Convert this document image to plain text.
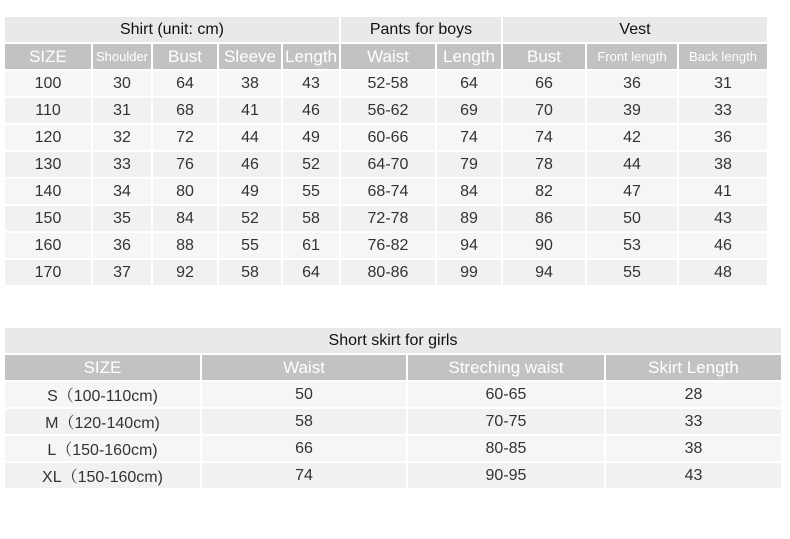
Shirt (unit: cm)					Pants for boys		Vest		
SIZE	Shoulder	Bust	Sleeve	Length	Waist	Length	Bust	Front length	Back length
100	30	64	38	43	52-58	64	66	36	31
110	31	68	41	46	56-62	69	70	39	33
120	32	72	44	49	60-66	74	74	42	36
130	33	76	46	52	64-70	79	78	44	38
140	34	80	49	55	68-74	84	82	47	41
150	35	84	52	58	72-78	89	86	50	43
160	36	88	55	61	76-82	94	90	53	46
170	37	92	58	64	80-86	99	94	55	48
Short skirt for girls			
SIZE	Waist	Streching waist	Skirt Length
S（100-110cm)	50	60-65	28
M（120-140cm)	58	70-75	33
L（150-160cm)	66	80-85	38
XL（150-160cm)	74	90-95	43
